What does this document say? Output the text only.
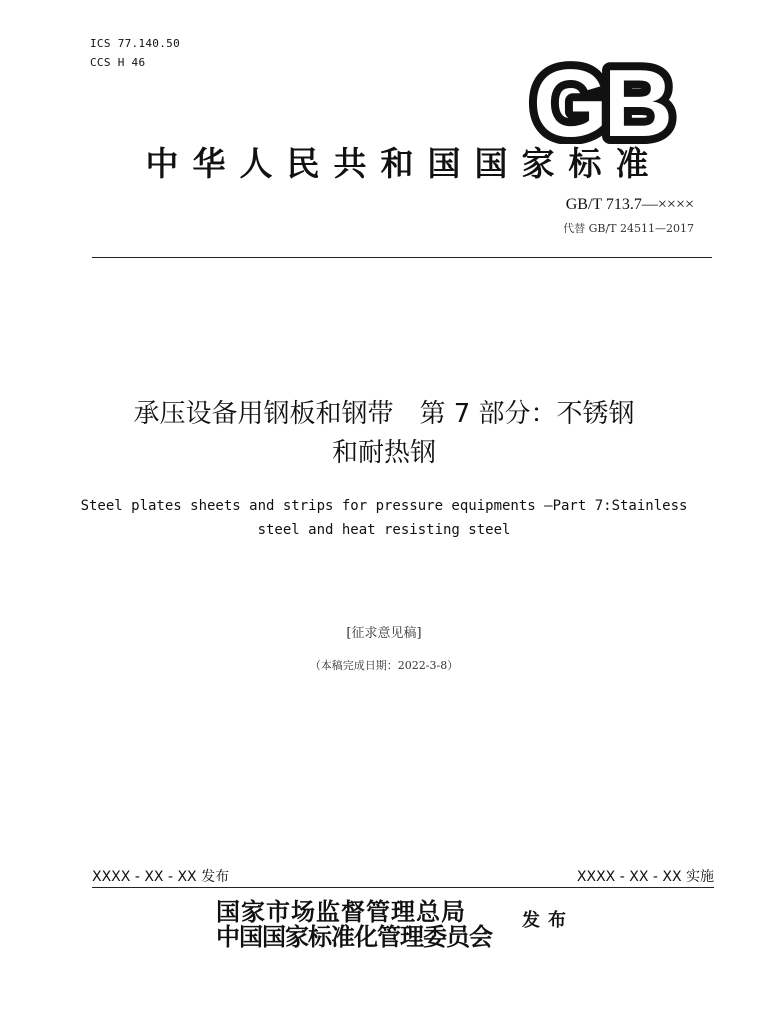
ICS 77.140.50
CCS H 46	GB
中华人民共和国国家标准
GB/T 713.7—××××
代替 GB/T 24511—2017
承压设备用钢板和钢带　第 7 部分：不锈钢
和耐热钢
Steel plates sheets and strips for pressure equipments —Part 7:Stainless
steel and heat resisting steel
[征求意见稿]
（本稿完成日期：2022-3-8）
XXXX - XX - XX 发布	XXXX - XX - XX 实施
国家市场监督管理总局
中国国家标准化管理委员会
发布
